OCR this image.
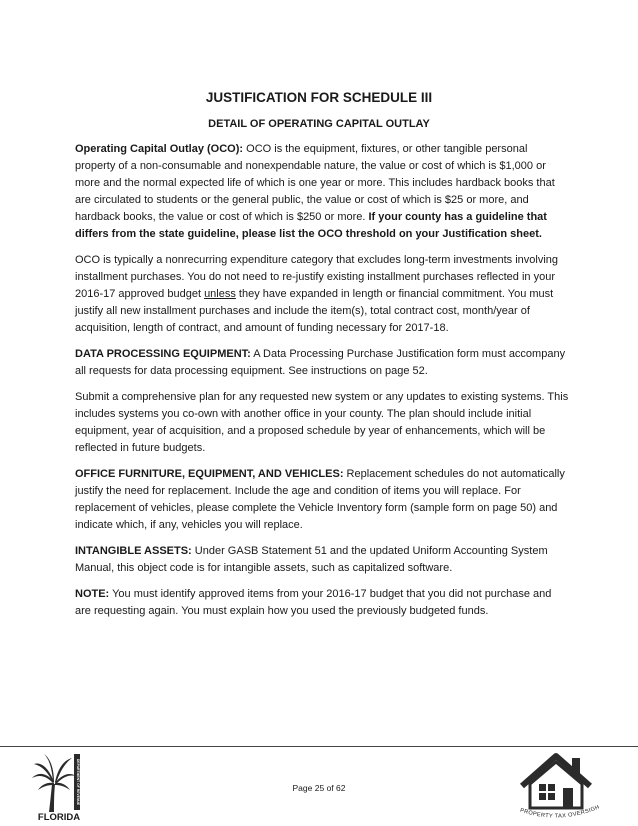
JUSTIFICATION FOR SCHEDULE III
DETAIL OF OPERATING CAPITAL OUTLAY

Operating Capital Outlay (OCO): OCO is the equipment, fixtures, or other tangible personal property of a non-consumable and nonexpendable nature, the value or cost of which is $1,000 or more and the normal expected life of which is one year or more. This includes hardback books that are circulated to students or the general public, the value or cost of which is $25 or more, and hardback books, the value or cost of which is $250 or more. If your county has a guideline that differs from the state guideline, please list the OCO threshold on your Justification sheet.

OCO is typically a nonrecurring expenditure category that excludes long-term investments involving installment purchases. You do not need to re-justify existing installment purchases reflected in your 2016-17 approved budget unless they have expanded in length or financial commitment. You must justify all new installment purchases and include the item(s), total contract cost, month/year of acquisition, length of contract, and amount of funding necessary for 2017-18.

DATA PROCESSING EQUIPMENT: A Data Processing Purchase Justification form must accompany all requests for data processing equipment. See instructions on page 52.

Submit a comprehensive plan for any requested new system or any updates to existing systems. This includes systems you co-own with another office in your county. The plan should include initial equipment, year of acquisition, and a proposed schedule by year of enhancements, which will be reflected in future budgets.

OFFICE FURNITURE, EQUIPMENT, AND VEHICLES: Replacement schedules do not automatically justify the need for replacement. Include the age and condition of items you will replace. For replacement of vehicles, please complete the Vehicle Inventory form (sample form on page 50) and indicate which, if any, vehicles you will replace.

INTANGIBLE ASSETS: Under GASB Statement 51 and the updated Uniform Accounting System Manual, this object code is for intangible assets, such as capitalized software.

NOTE: You must identify approved items from your 2016-17 budget that you did not purchase and are requesting again. You must explain how you used the previously budgeted funds.

DEPARTMENT OF REVENUE
FLORIDA
Page 25 of 62
PROPERTY TAX OVERSIGH
